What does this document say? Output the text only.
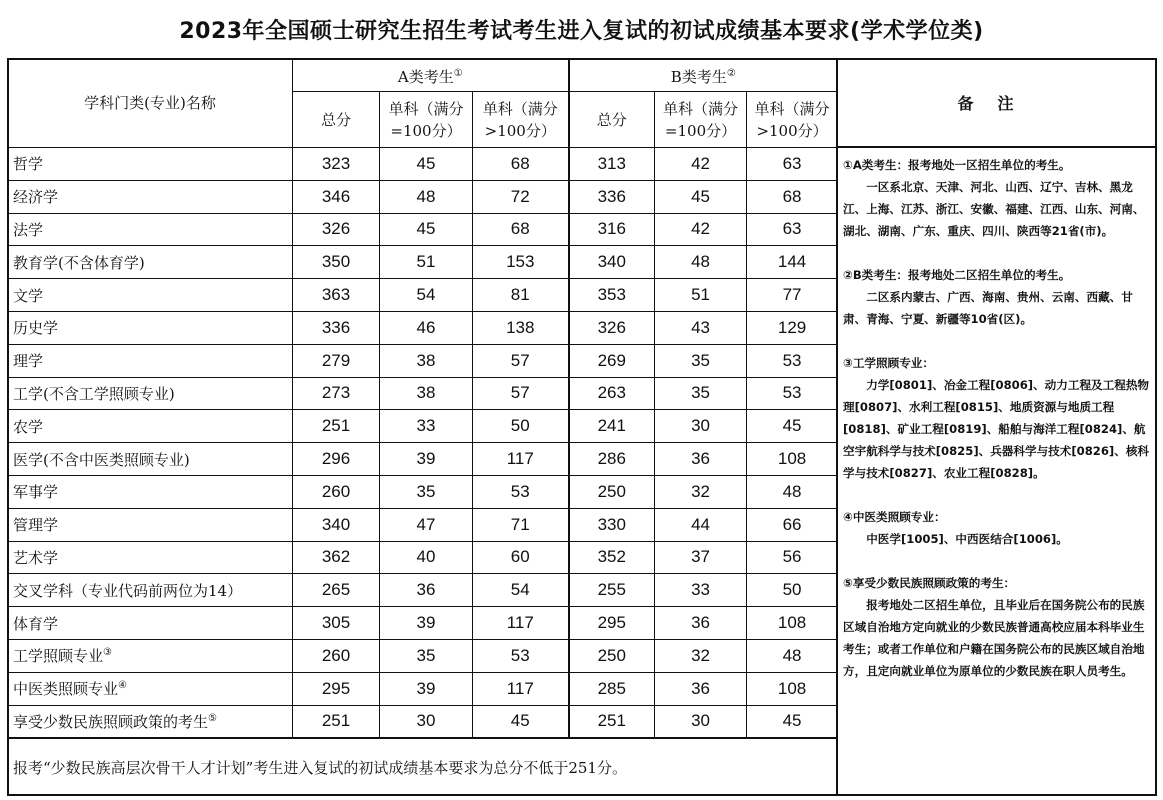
2023年全国硕士研究生招生考试考生进入复试的初试成绩基本要求(学术学位类)
学科门类(专业)名称	A类考生①			B类考生②
	总分	单科（满分
=100分）	单科（满分
>100分）	总分	单科（满分
=100分）	单科（满分
>100分）
哲学	323	45	68	313	42	63
经济学	346	48	72	336	45	68
法学	326	45	68	316	42	63
教育学(不含体育学)	350	51	153	340	48	144
文学	363	54	81	353	51	77
历史学	336	46	138	326	43	129
理学	279	38	57	269	35	53
工学(不含工学照顾专业)	273	38	57	263	35	53
农学	251	33	50	241	30	45
医学(不含中医类照顾专业)	296	39	117	286	36	108
军事学	260	35	53	250	32	48
管理学	340	47	71	330	44	66
艺术学	362	40	60	352	37	56
交叉学科（专业代码前两位为14）	265	36	54	255	33	50
体育学	305	39	117	295	36	108
工学照顾专业③	260	35	53	250	32	48
中医类照顾专业④	295	39	117	285	36	108
享受少数民族照顾政策的考生⑤	251	30	45	251	30	45
报考“少数民族高层次骨干人才计划”考生进入复试的初试成绩基本要求为总分不低于251分。						
备注
①A类考生：报考地处一区招生单位的考生。
一区系北京、天津、河北、山西、辽宁、吉林、黑龙江、上海、江苏、浙江、安徽、福建、江西、山东、河南、湖北、湖南、广东、重庆、四川、陕西等21省(市)。
②B类考生：报考地处二区招生单位的考生。
二区系内蒙古、广西、海南、贵州、云南、西藏、甘肃、青海、宁夏、新疆等10省(区)。
③工学照顾专业：
力学[0801]、冶金工程[0806]、动力工程及工程热物理[0807]、水利工程[0815]、地质资源与地质工程[0818]、矿业工程[0819]、船舶与海洋工程[0824]、航空宇航科学与技术[0825]、兵器科学与技术[0826]、核科学与技术[0827]、农业工程[0828]。
④中医类照顾专业：
中医学[1005]、中西医结合[1006]。
⑤享受少数民族照顾政策的考生：
报考地处二区招生单位，且毕业后在国务院公布的民族区域自治地方定向就业的少数民族普通高校应届本科毕业生考生；或者工作单位和户籍在国务院公布的民族区域自治地方，且定向就业单位为原单位的少数民族在职人员考生。
